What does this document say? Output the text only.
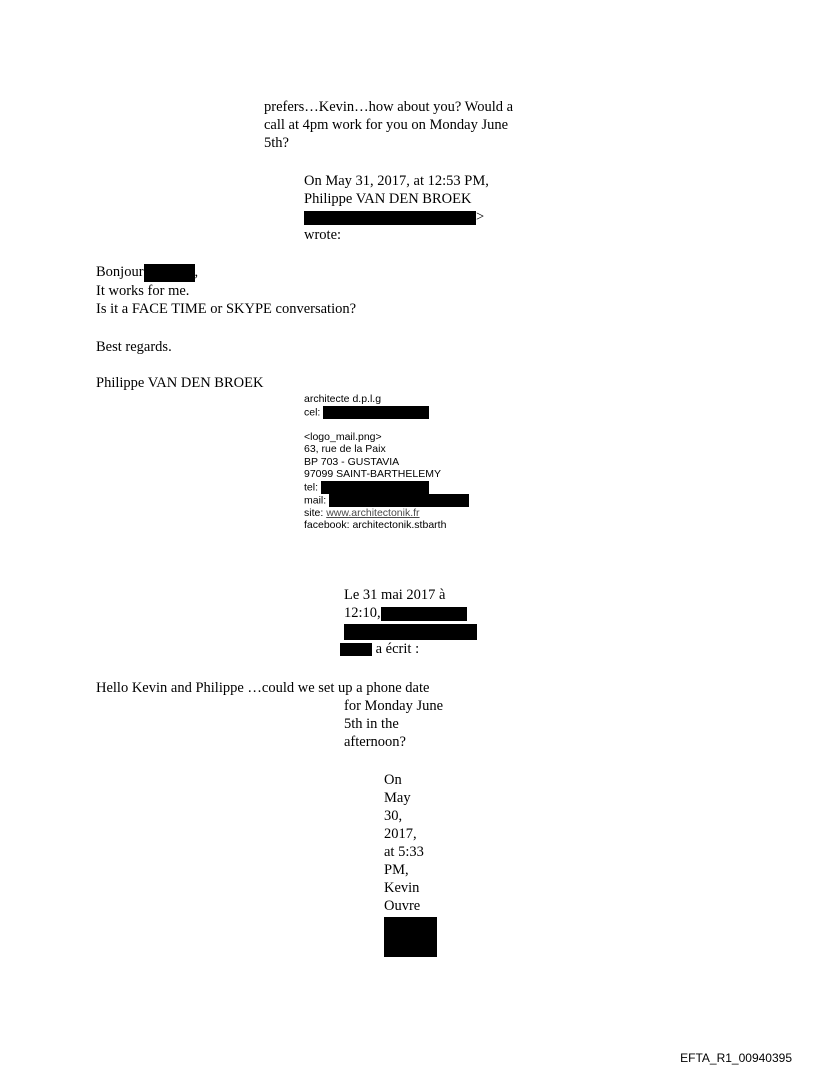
prefers…Kevin…how about you? Would a
call at 4pm work for you on Monday June
5th?
On May 31, 2017, at 12:53 PM,
Philippe VAN DEN BROEK
>
wrote:
Bonjour	,
It works for me.
Is it a FACE TIME or SKYPE conversation?
Best regards.
Philippe VAN DEN BROEK
architecte d.p.l.g
cel:
<logo_mail.png>
63, rue de la Paix
BP 703 - GUSTAVIA
97099 SAINT-BARTHELEMY
tel:
mail:
site: www.architectonik.fr
facebook: architectonik.stbarth
Le 31 mai 2017 à
12:10,
a écrit :
Hello Kevin and Philippe …could we set up a phone date
for Monday June
5th in the
afternoon?
On
May
30,
2017,
at 5:33
PM,
Kevin
Ouvre
EFTA_R1_00940395
